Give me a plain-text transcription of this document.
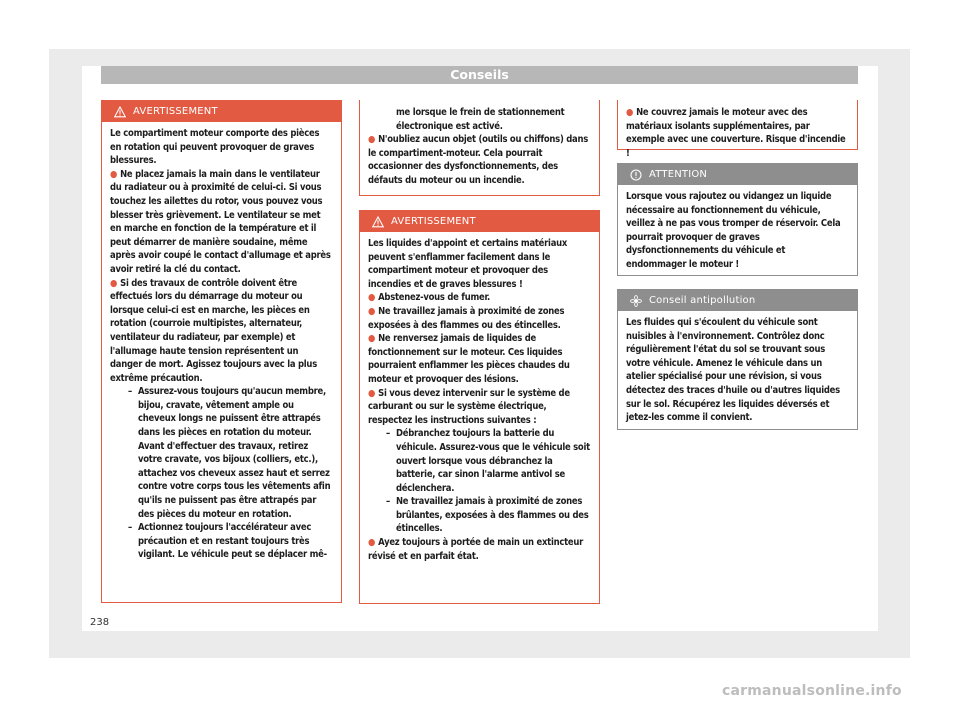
Conseils
AVERTISSEMENT

Le compartiment moteur comporte des pièces en rotation qui peuvent provoquer de graves blessures.

● Ne placez jamais la main dans le ventilateur du radiateur ou à proximité de celui-ci. Si vous touchez les ailettes du rotor, vous pouvez vous blesser très grièvement. Le ventilateur se met en marche en fonction de la température et il peut démarrer de manière soudaine, même après avoir coupé le contact d'allumage et après avoir retiré la clé du contact.

● Si des travaux de contrôle doivent être effectués lors du démarrage du moteur ou lorsque celui-ci est en marche, les pièces en rotation (courroie multipistes, alternateur, ventilateur du radiateur, par exemple) et l'allumage haute tension représentent un danger de mort. Agissez toujours avec la plus extrême précaution.

– Assurez-vous toujours qu'aucun membre, bijou, cravate, vêtement ample ou cheveux longs ne puissent être attrapés dans les pièces en rotation du moteur. Avant d'effectuer des travaux, retirez votre cravate, vos bijoux (colliers, etc.), attachez vos cheveux assez haut et serrez contre votre corps tous les vêtements afin qu'ils ne puissent pas être attrapés par des pièces du moteur en rotation.

– Actionnez toujours l'accélérateur avec précaution et en restant toujours très vigilant. Le véhicule peut se déplacer mê-

me lorsque le frein de stationnement électronique est activé.

● N'oubliez aucun objet (outils ou chiffons) dans le compartiment-moteur. Cela pourrait occasionner des dysfonctionnements, des défauts du moteur ou un incendie.

AVERTISSEMENT

Les liquides d'appoint et certains matériaux peuvent s'enflammer facilement dans le compartiment moteur et provoquer des incendies et de graves blessures !

● Abstenez-vous de fumer.

● Ne travaillez jamais à proximité de zones exposées à des flammes ou des étincelles.

● Ne renversez jamais de liquides de fonctionnement sur le moteur. Ces liquides pourraient enflammer les pièces chaudes du moteur et provoquer des lésions.

● Si vous devez intervenir sur le système de carburant ou sur le système électrique, respectez les instructions suivantes :

– Débranchez toujours la batterie du véhicule. Assurez-vous que le véhicule soit ouvert lorsque vous débranchez la batterie, car sinon l'alarme antivol se déclenchera.

– Ne travaillez jamais à proximité de zones brûlantes, exposées à des flammes ou des étincelles.

● Ayez toujours à portée de main un extincteur révisé et en parfait état.

● Ne couvrez jamais le moteur avec des matériaux isolants supplémentaires, par exemple avec une couverture. Risque d'incendie !

ATTENTION

Lorsque vous rajoutez ou vidangez un liquide nécessaire au fonctionnement du véhicule, veillez à ne pas vous tromper de réservoir. Cela pourrait provoquer de graves dysfonctionnements du véhicule et endommager le moteur !

Conseil antipollution

Les fluides qui s'écoulent du véhicule sont nuisibles à l'environnement. Contrôlez donc régulièrement l'état du sol se trouvant sous votre véhicule. Amenez le véhicule dans un atelier spécialisé pour une révision, si vous détectez des traces d'huile ou d'autres liquides sur le sol. Récupérez les liquides déversés et jetez-les comme il convient.

238
carmanualsonline.info
